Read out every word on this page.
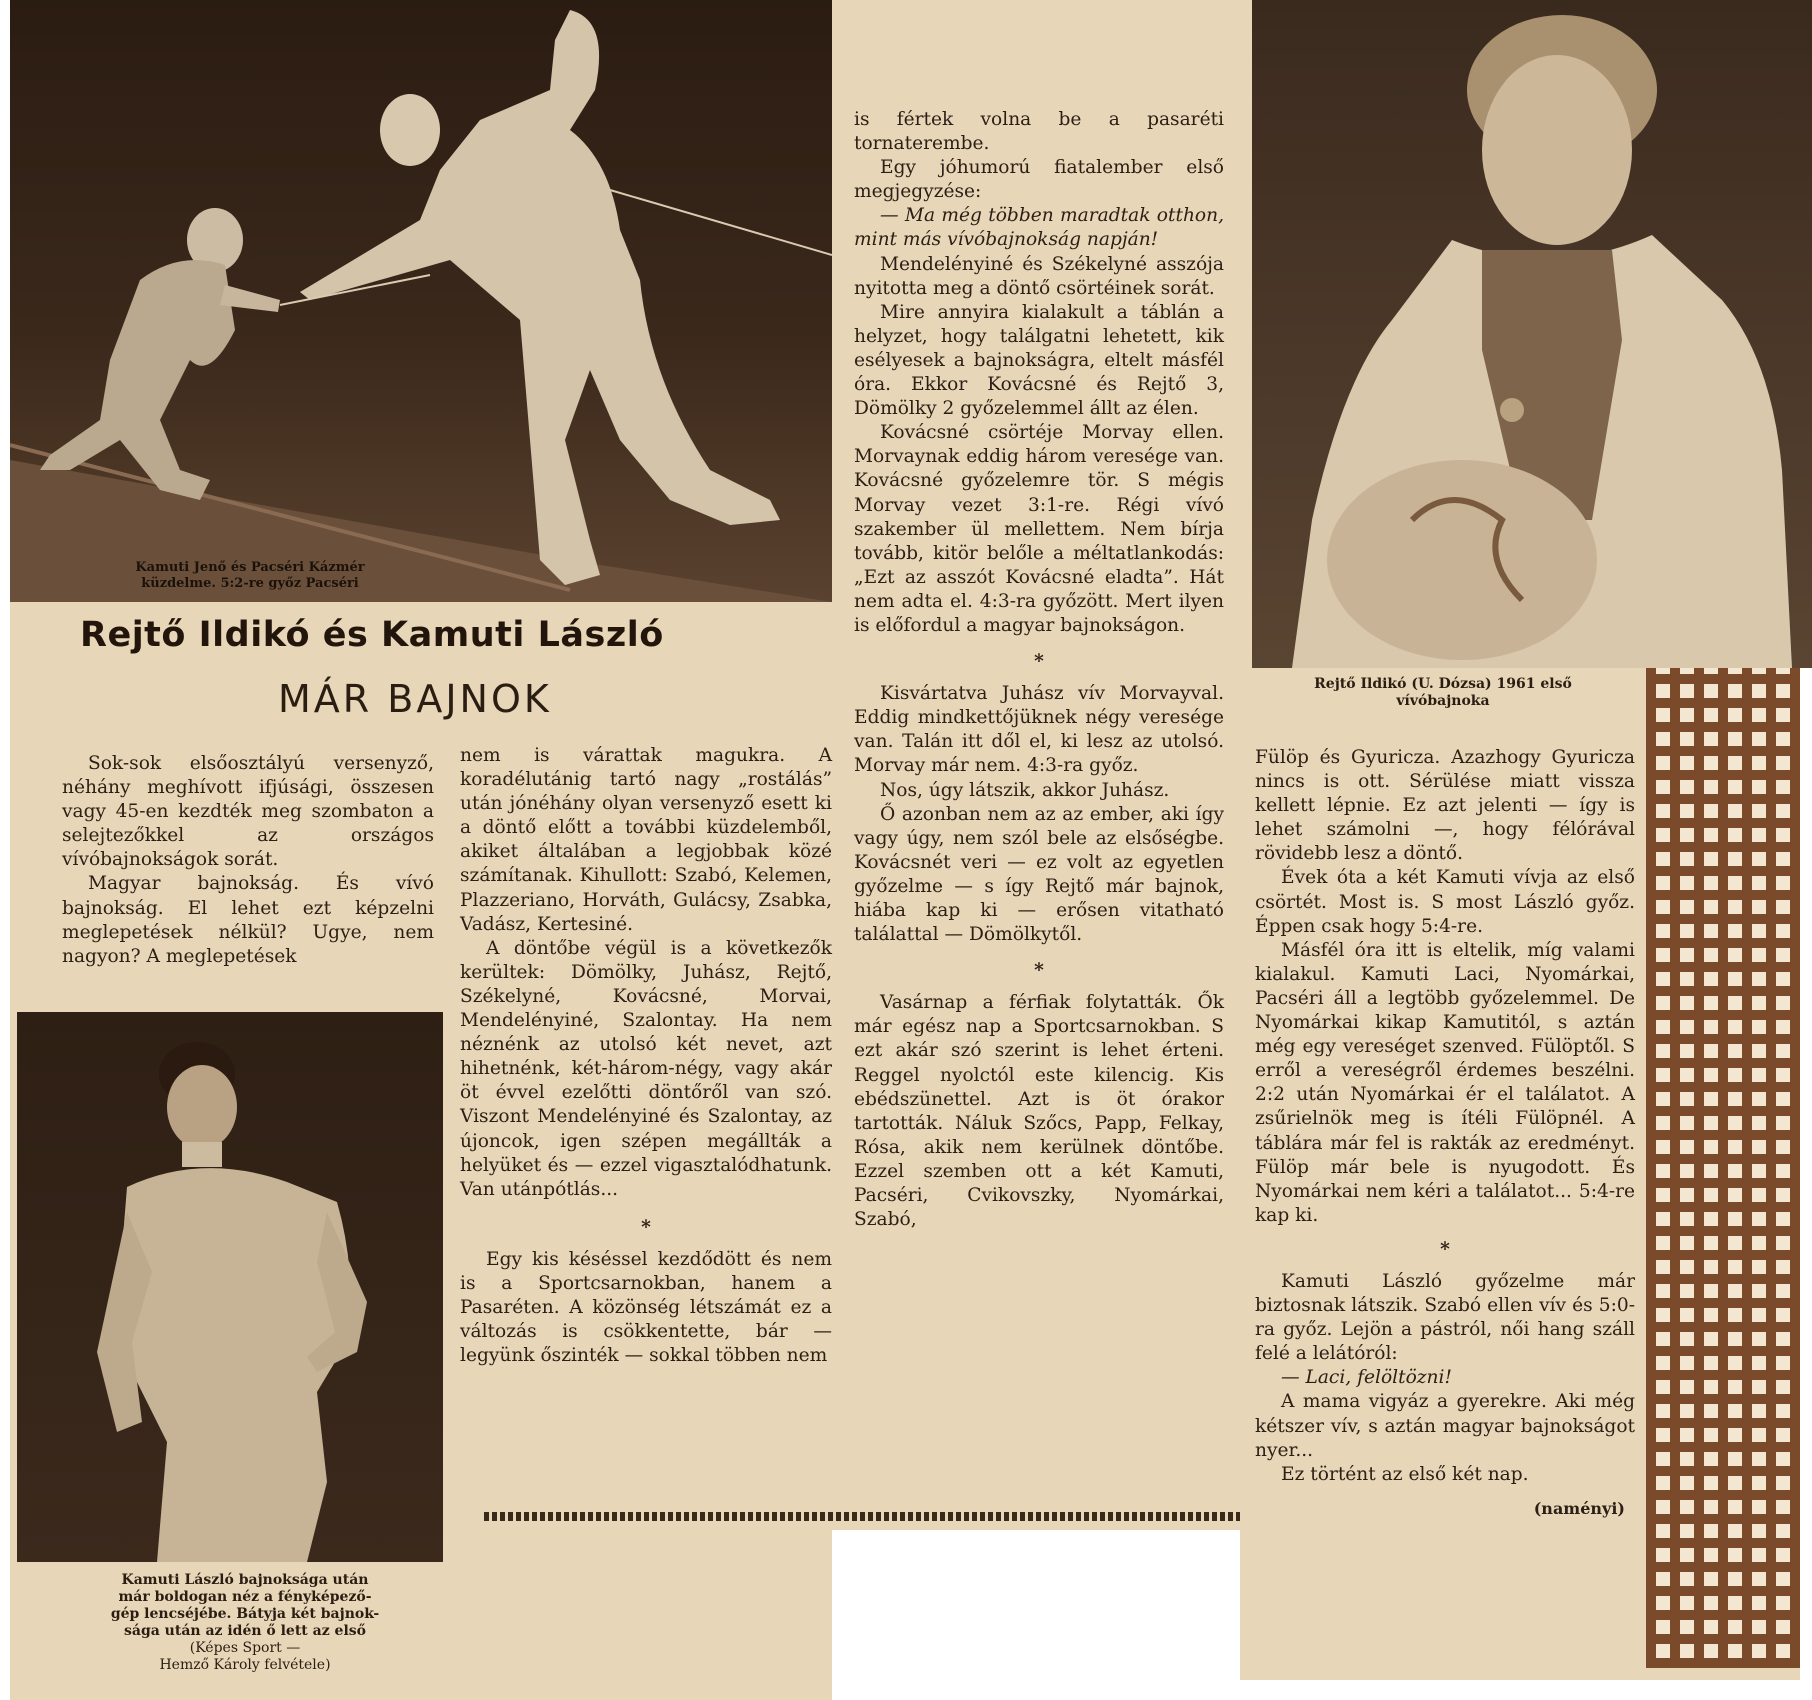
Kamuti Jenő és Pacséri Kázmér
küzdelme. 5:2-re győz Pacséri
Rejtő Ildikó és Kamuti László
MÁR BAJNOK

Sok-sok elsőosztályú versenyző, néhány meghívott ifjúsági, összesen vagy 45-en kezdték meg szombaton a selejtezőkkel az országos vívóbajnokságok sorát.

Magyar bajnokság. És vívó bajnokság. El lehet ezt képzelni meglepetések nélkül? Ugye, nem nagyon? A meglepetések

Kamuti László bajnoksága után
már boldogan néz a fényképező-
gép lencséjébe. Bátyja két bajnok-
sága után az idén ő lett az első
(Képes Sport —
Hemző Károly felvétele)

nem is várattak magukra. A koradélutánig tartó nagy „rostálás” után jónéhány olyan versenyző esett ki a döntő előtt a további küzdelemből, akiket általában a legjobbak közé számítanak. Kihullott: Szabó, Kelemen, Plazzeriano, Horváth, Gulácsy, Zsabka, Vadász, Kertesiné.

A döntőbe végül is a következők kerültek: Dömölky, Juhász, Rejtő, Székelyné, Kovácsné, Morvai, Mendelényiné, Szalontay. Ha nem néznénk az utolsó két nevet, azt hihetnénk, két-három-négy, vagy akár öt évvel ezelőtti döntőről van szó. Viszont Mendelényiné és Szalontay, az újoncok, igen szépen megállták a helyüket és — ezzel vigasztalódhatunk. Van utánpótlás...

*

Egy kis késéssel kezdődött és nem is a Sportcsarnokban, hanem a Pasaréten. A közönség létszámát ez a változás is csökkentette, bár — legyünk őszinték — sokkal többen nem

is fértek volna be a pasaréti tornaterembe.

Egy jóhumorú fiatalember első megjegyzése:

— Ma még többen maradtak otthon, mint más vívóbajnokság napján!

Mendelényiné és Székelyné asszója nyitotta meg a döntő csörtéinek sorát.

Mire annyira kialakult a táblán a helyzet, hogy találgatni lehetett, kik esélyesek a bajnokságra, eltelt másfél óra. Ekkor Kovácsné és Rejtő 3, Dömölky 2 győzelemmel állt az élen.

Kovácsné csörtéje Morvay ellen. Morvaynak eddig három veresége van. Kovácsné győzelemre tör. S mégis Morvay vezet 3:1-re. Régi vívó szakember ül mellettem. Nem bírja tovább, kitör belőle a méltatlankodás: „Ezt az asszót Kovácsné eladta”. Hát nem adta el. 4:3-ra győzött. Mert ilyen is előfordul a magyar bajnokságon.

*

Kisvártatva Juhász vív Morvayval. Eddig mindkettőjüknek négy veresége van. Talán itt dől el, ki lesz az utolsó. Morvay már nem. 4:3-ra győz.

Nos, úgy látszik, akkor Juhász.

Ő azonban nem az az ember, aki így vagy úgy, nem szól bele az elsőségbe. Kovácsnét veri — ez volt az egyetlen győzelme — s így Rejtő már bajnok, hiába kap ki — erősen vitatható találattal — Dömölkytől.

*

Vasárnap a férfiak folytatták. Ők már egész nap a Sportcsarnokban. S ezt akár szó szerint is lehet érteni. Reggel nyolctól este kilencig. Kis ebédszünettel. Azt is öt órakor tartották. Náluk Szőcs, Papp, Felkay, Rósa, akik nem kerülnek döntőbe. Ezzel szemben ott a két Kamuti, Pacséri, Cvikovszky, Nyomárkai, Szabó,

Rejtő Ildikó (U. Dózsa) 1961 első
vívóbajnoka

Fülöp és Gyuricza. Azazhogy Gyuricza nincs is ott. Sérülése miatt vissza kellett lépnie. Ez azt jelenti — így is lehet számolni —, hogy félórával rövidebb lesz a döntő.

Évek óta a két Kamuti vívja az első csörtét. Most is. S most László győz. Éppen csak hogy 5:4-re.

Másfél óra itt is eltelik, míg valami kialakul. Kamuti Laci, Nyomárkai, Pacséri áll a legtöbb győzelemmel. De Nyomárkai kikap Kamutitól, s aztán még egy vereséget szenved. Fülöptől. S erről a vereségről érdemes beszélni. 2:2 után Nyomárkai ér el találatot. A zsűrielnök meg is ítéli Fülöpnél. A táblára már fel is rakták az eredményt. Fülöp már bele is nyugodott. És Nyomárkai nem kéri a találatot... 5:4-re kap ki.

*

Kamuti László győzelme már biztosnak látszik. Szabó ellen vív és 5:0-ra győz. Lejön a pástról, női hang száll felé a lelátóról:

— Laci, felöltözni!

A mama vigyáz a gyerekre. Aki még kétszer vív, s aztán magyar bajnokságot nyer...

Ez történt az első két nap.

(naményi)
